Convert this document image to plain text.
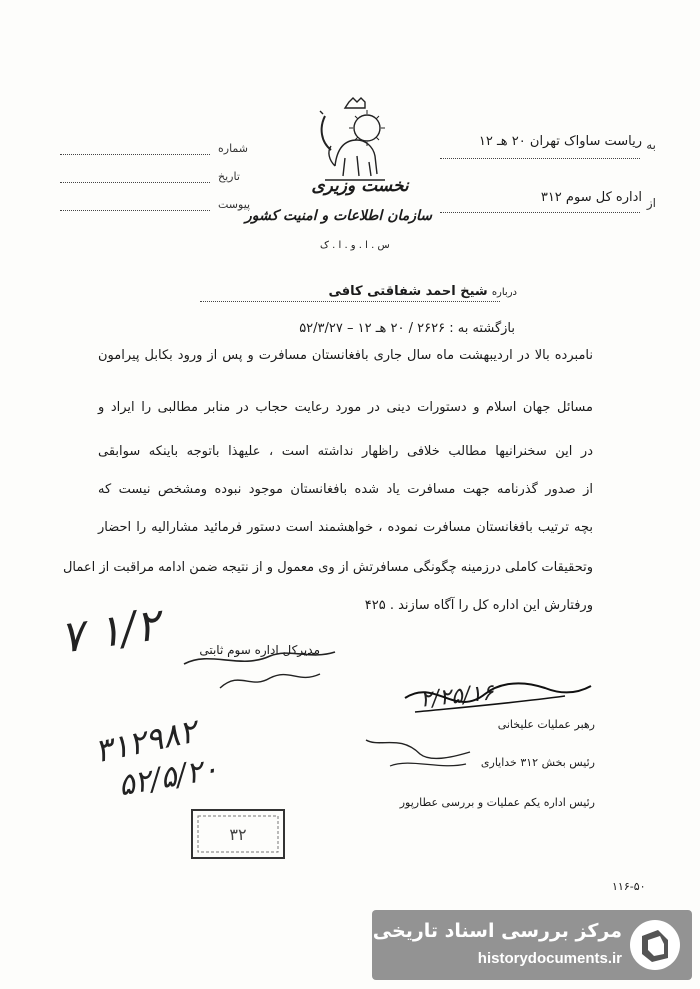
به
ریاست ساواک تهران ۲۰ هـ ۱۲
از
اداره کل سوم ۳۱۲
شماره
تاریخ
پیوست
نخست وزیری
سازمان اطلاعات و امنیت کشور
س . ا . و . ا . ک
درباره شیخ احمد شفاقتی کافی
بازگشته به : ۲۶۲۶ / ۲۰ هـ ۱۲ – ۵۲/۳/۲۷
نامبرده بالا در اردیبهشت ماه سال جاری بافغانستان مسافرت و پس از ورود بکابل پیرامون
مسائل جهان اسلام و دستورات دینی در مورد رعایت حجاب در منابر مطالبی را ایراد و
در این سخنرانیها مطالب خلافی راظهار نداشته است ، علیهذا باتوجه باینکه سوابقی
از صدور گذرنامه جهت مسافرت یاد شده بافغانستان موجود نبوده ومشخص نیست که
بچه ترتیب بافغانستان مسافرت نموده ، خواهشمند است دستور فرمائید مشارالیه را احضار
وتحقیقات کاملی درزمینه چگونگی مسافرتش از وی معمول و از نتیجه ضمن ادامه مراقبت از اعمال
ورفتارش این اداره کل را آگاه سازند . ۴۲۵
مدیرکل اداره سوم ثابتی
رهبر عملیات علیخانی
رئیس بخش ۳۱۲ خداياری
رئیس اداره یکم عملیات و بررسی عطارپور
۱/۲ ۷
۳۱۲۹۸۲
۵۲/۵/۲۰
۲/۲۵/۱۶
۳۲
۱۱۶-۵۰
مرکز بررسی اسناد تاریخی
historydocuments.ir
